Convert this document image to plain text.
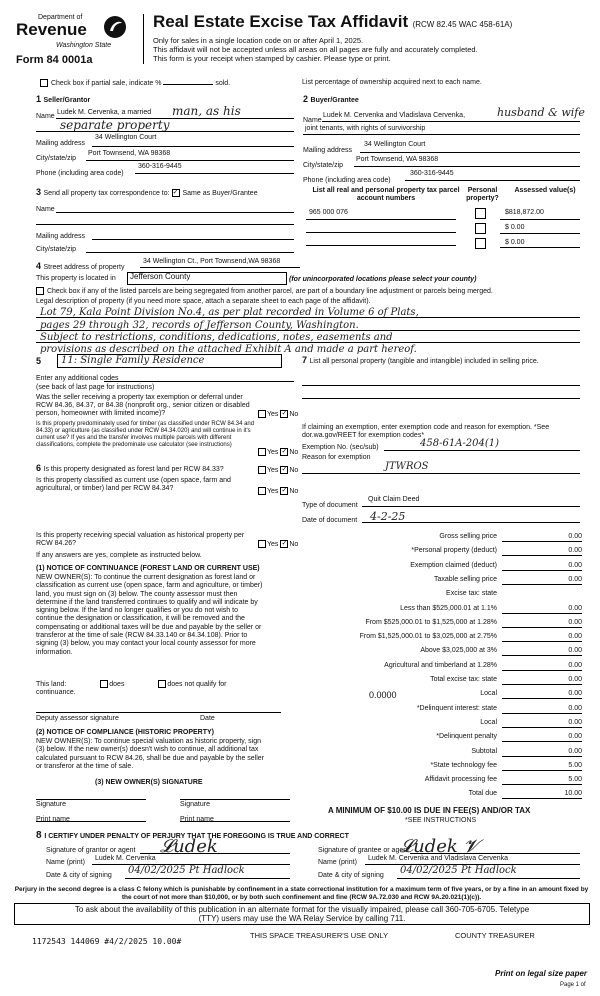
Department of
Revenue
Washington State
Form 84 0001a
Real Estate Excise Tax Affidavit (RCW 82.45 WAC 458-61A)
Only for sales in a single location code on or after April 1, 2025.
This affidavit will not be accepted unless all areas on all pages are fully and accurately completed.
This form is your receipt when stamped by cashier. Please type or print.
Check box if partial sale, indicate %	sold.	List percentage of ownership acquired next to each name.
1 Seller/Grantor
Name
Ludek M. Cervenka, a married man, as his
separate property
Mailing address
34 Wellington Court
City/state/zip
Port Townsend, WA 98368
Phone (including area code)
360-316-9445
2 Buyer/Grantee
Name
Ludek M. Cervenka and Vladislava Cervenka,	husband & wife
joint tenants, with rights of survivorship
Mailing address
34 Wellington Court
City/state/zip
Port Townsend, WA 98368
Phone (including area code)
360-316-9445
3 Send all property tax correspondence to: ✓ Same as Buyer/Grantee
Name
Mailing address
City/state/zip
List all real and personal property tax parcel account numbers
Personal property?
Assessed value(s)
965 000 076	$818,872.00
$ 0.00
$ 0.00
4 Street address of property
34 Wellington Ct., Port Townsend,WA 98368
This property is located in	Jefferson County	(for unincorporated locations please select your county)
Check box if any of the listed parcels are being segregated from another parcel, are part of a boundary line adjustment or parcels being merged.
Legal description of property (if you need more space, attach a separate sheet to each page of the affidavit).
Lot 79, Kala Point Division No.4, as per plat recorded in Volume 6 of Plats,
pages 29 through 32, records of Jefferson County, Washington.
Subject to restrictions, conditions, dedications, notes, easements and
provisions as described on the attached Exhibit A and made a part hereof.
5	11: Single Family Residence
Enter any additional codes
(see back of last page for instructions)
Was the seller receiving a property tax exemption or deferral under RCW 84.36, 84.37, or 84.38 (nonprofit org., senior citizen or disabled person, homeowner with limited income)?	Yes ✓ No
Is this property predominately used for timber (as classified under RCW 84.34 and 84.33) or agriculture (as classified under RCW 84.34.020) and will continue in it's current use? If yes and the transfer involves multiple parcels with different classifications, complete the predominate use calculator (see instructions)
Yes ✓ No
7 List all personal property (tangible and intangible) included in selling price.
If claiming an exemption, enter exemption code and reason for exemption. *See dor.wa.gov/REET for exemption codes*
Exemption No. (sec/sub)	458-61A-204(1)
Reason for exemption
JTWROS
Type of document
Quit Claim Deed
Date of document 4-2-25
6 Is this property designated as forest land per RCW 84.33?	Yes ✓ No
Is this property classified as current use (open space, farm and agricultural, or timber) land per RCW 84.34?	Yes ✓ No
Is this property receiving special valuation as historical property per RCW 84.26?	Yes ✓ No
If any answers are yes, complete as instructed below.
(1) NOTICE OF CONTINUANCE (FOREST LAND OR CURRENT USE)
NEW OWNER(S): To continue the current designation as forest land or classification as current use (open space, farm and agriculture, or timber) land, you must sign on (3) below. The county assessor must then determine if the land transferred continues to qualify and will indicate by signing below. If the land no longer qualifies or you do not wish to continue the designation or classification, it will be removed and the compensating or additional taxes will be due and payable by the seller or transferor at the time of sale (RCW 84.33.140 or 84.34.108). Prior to signing (3) below, you may contact your local county assessor for more information.
This land:	does	does not qualify for
continuance.
Deputy assessor signature	Date
(2) NOTICE OF COMPLIANCE (HISTORIC PROPERTY)
NEW OWNER(S): To continue special valuation as historic property, sign (3) below. If the new owner(s) doesn't wish to continue, all additional tax calculated pursuant to RCW 84.26, shall be due and payable by the seller or transferor at the time of sale.
(3) NEW OWNER(S) SIGNATURE
Signature	Signature
Print name	Print name
Gross selling price	0.00
*Personal property (deduct)	0.00
Exemption claimed (deduct)	0.00
Taxable selling price	0.00
Excise tax: state
Less than $525,000.01 at 1.1%	0.00
From $525,000.01 to $1,525,000 at 1.28%	0.00
From $1,525,000.01 to $3,025,000 at 2.75%	0.00
Above $3,025,000 at 3%	0.00
Agricultural and timberland at 1.28%	0.00
Total excise tax: state	0.00
Local	0.00
*Delinquent interest: state	0.00
Local	0.00
*Delinquent penalty	0.00
Subtotal	0.00
*State technology fee	5.00
Affidavit processing fee	5.00
Total due	10.00
0.0000
A MINIMUM OF $10.00 IS DUE IN FEE(S) AND/OR TAX
*SEE INSTRUCTIONS
8 I CERTIFY UNDER PENALTY OF PERJURY THAT THE FOREGOING IS TRUE AND CORRECT
Signature of grantor or agent 𝓛udek
Name (print)
Ludek M. Cervenka
Date & city of signing 04/02/2025 Pt Hadlock
Signature of grantee or agent
𝓛udek 𝓥
Name (print)
Ludek M. Cervenka and Vladislava Cervenka
Date & city of signing 04/02/2025 Pt Hadlock
Perjury in the second degree is a class C felony which is punishable by confinement in a state correctional institution for a maximum term of five years, or by a fine in an amount fixed by the court of not more than $10,000, or by both such confinement and fine (RCW 9A.72.030 and RCW 9A.20.021(1)(c)).
To ask about the availability of this publication in an alternate format for the visually impaired, please call 360-705-6705. Teletype
(TTY) users may use the WA Relay Service by calling 711.
1172543 144069 #4/2/2025 10.00#
THIS SPACE TREASURER'S USE ONLY	COUNTY TREASURER
Print on legal size paper
Page 1 of
